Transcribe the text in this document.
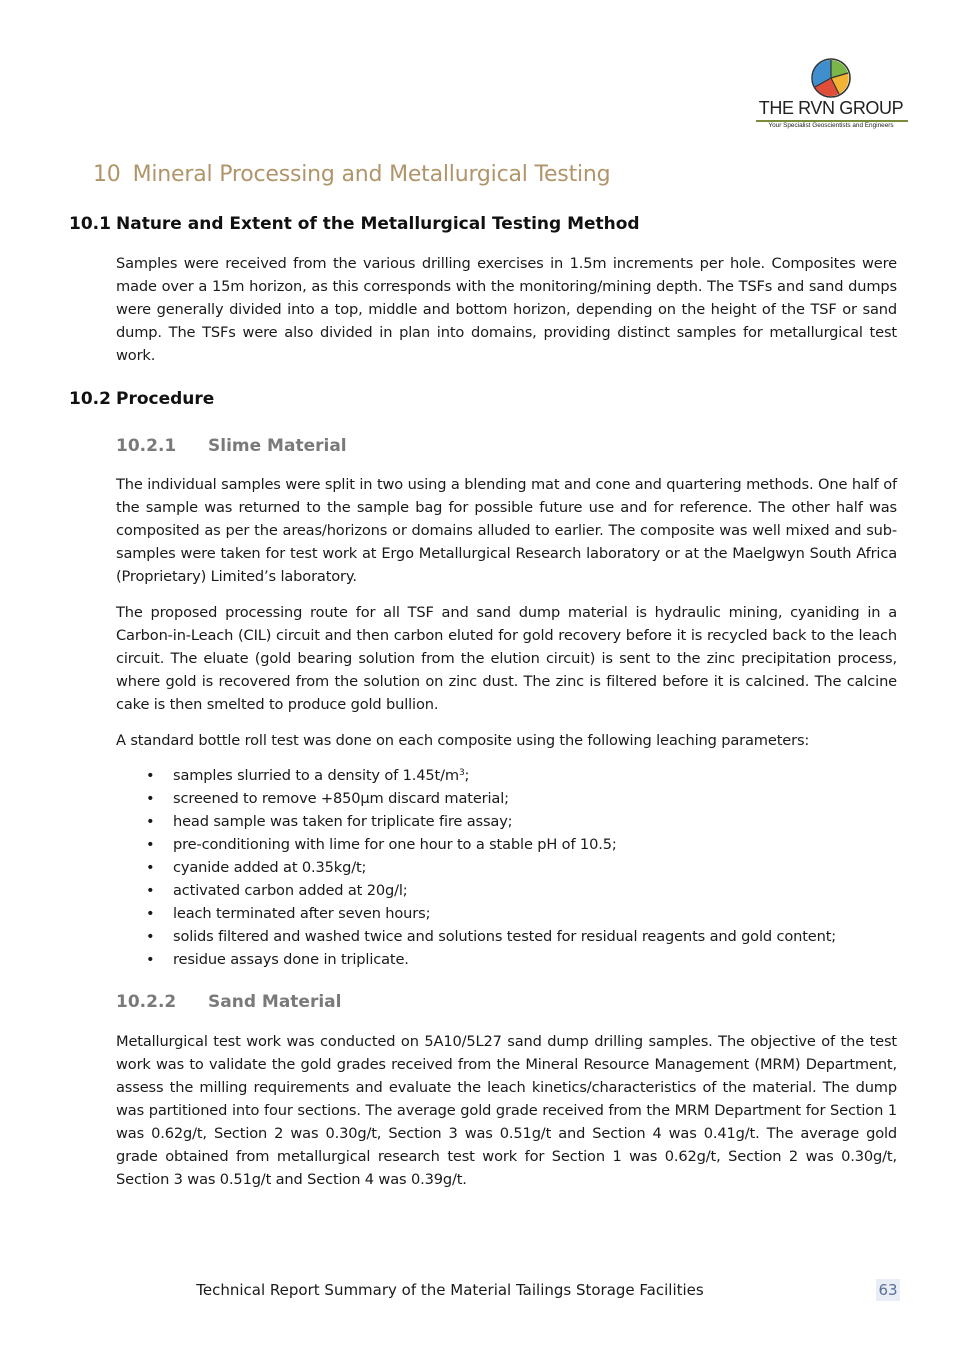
THE RVN GROUP
Your Specialist Geoscientists and Engineers
10 Mineral Processing and Metallurgical Testing
10.1 Nature and Extent of the Metallurgical Testing Method

Samples were received from the various drilling exercises in 1.5m increments per hole. Composites were made over a 15m horizon, as this corresponds with the monitoring/mining depth. The TSFs and sand dumps were generally divided into a top, middle and bottom horizon, depending on the height of the TSF or sand dump. The TSFs were also divided in plan into domains, providing distinct samples for metallurgical test work.

10.2 Procedure
10.2.1 Slime Material

The individual samples were split in two using a blending mat and cone and quartering methods. One half of the sample was returned to the sample bag for possible future use and for reference. The other half was composited as per the areas/horizons or domains alluded to earlier. The composite was well mixed and sub-samples were taken for test work at Ergo Metallurgical Research laboratory or at the Maelgwyn South Africa (Proprietary) Limited’s laboratory.

The proposed processing route for all TSF and sand dump material is hydraulic mining, cyaniding in a Carbon-in-Leach (CIL) circuit and then carbon eluted for gold recovery before it is recycled back to the leach circuit. The eluate (gold bearing solution from the elution circuit) is sent to the zinc precipitation process, where gold is recovered from the solution on zinc dust. The zinc is filtered before it is calcined. The calcine cake is then smelted to produce gold bullion.

A standard bottle roll test was done on each composite using the following leaching parameters:

• samples slurried to a density of $1.45t/m^3$;
• screened to remove +850µm discard material;
• head sample was taken for triplicate fire assay;
• pre-conditioning with lime for one hour to a stable pH of 10.5;
• cyanide added at 0.35kg/t;
• activated carbon added at 20g/l;
• leach terminated after seven hours;
• solids filtered and washed twice and solutions tested for residual reagents and gold content;
• residue assays done in triplicate.
10.2.2 Sand Material

Metallurgical test work was conducted on 5A10/5L27 sand dump drilling samples. The objective of the test work was to validate the gold grades received from the Mineral Resource Management (MRM) Department, assess the milling requirements and evaluate the leach kinetics/characteristics of the material. The dump was partitioned into four sections. The average gold grade received from the MRM Department for Section 1 was 0.62g/t, Section 2 was 0.30g/t, Section 3 was 0.51g/t and Section 4 was 0.41g/t. The average gold grade obtained from metallurgical research test work for Section 1 was 0.62g/t, Section 2 was 0.30g/t, Section 3 was 0.51g/t and Section 4 was 0.39g/t.

Technical Report Summary of the Material Tailings Storage Facilities	63
